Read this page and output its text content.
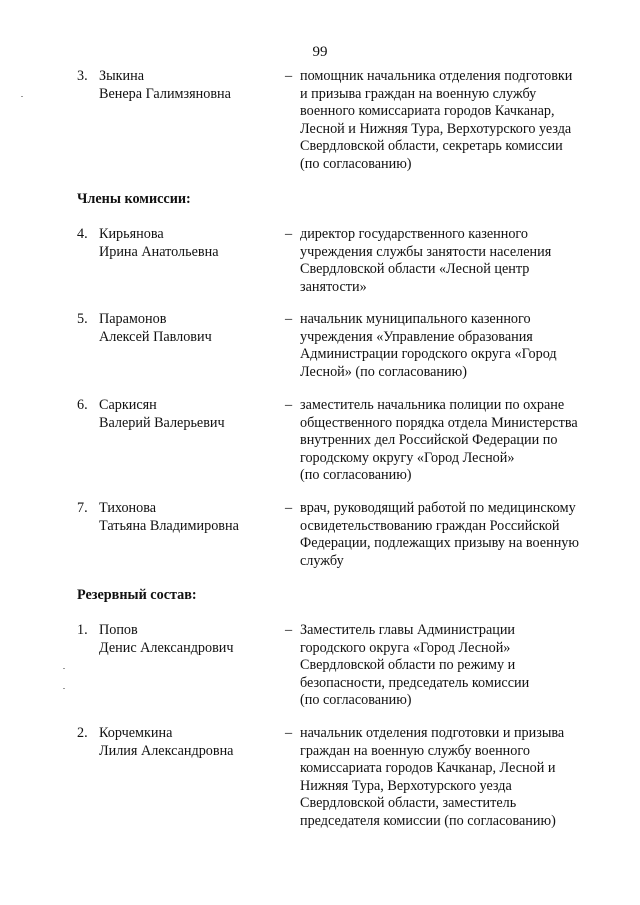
99
3. Зыкина
Венера Галимзяновна
– помощник начальника отделения подготовки
и призыва граждан на военную службу
военного комиссариата городов Качканар,
Лесной и Нижняя Тура, Верхотурского уезда
Свердловской области, секретарь комиссии
(по согласованию)
Члены комиссии:
4. Кирьянова
Ирина Анатольевна
– директор государственного казенного
учреждения службы занятости населения
Свердловской области «Лесной центр
занятости»
5. Парамонов
Алексей Павлович
– начальник муниципального казенного
учреждения «Управление образования
Администрации городского округа «Город
Лесной» (по согласованию)
6. Саркисян
Валерий Валерьевич
– заместитель начальника полиции по охране
общественного порядка отдела Министерства
внутренних дел Российской Федерации по
городскому округу «Город Лесной»
(по согласованию)
7. Тихонова
Татьяна Владимировна
– врач, руководящий работой по медицинскому
освидетельствованию граждан Российской
Федерации, подлежащих призыву на военную
службу
Резервный состав:
1. Попов
Денис Александрович
– Заместитель главы Администрации
городского округа «Город Лесной»
Свердловской области по режиму и
безопасности, председатель комиссии
(по согласованию)
2. Корчемкина
Лилия Александровна
– начальник отделения подготовки и призыва
граждан на военную службу военного
комиссариата городов Качканар, Лесной и
Нижняя Тура, Верхотурского уезда
Свердловской области, заместитель
председателя комиссии (по согласованию)
